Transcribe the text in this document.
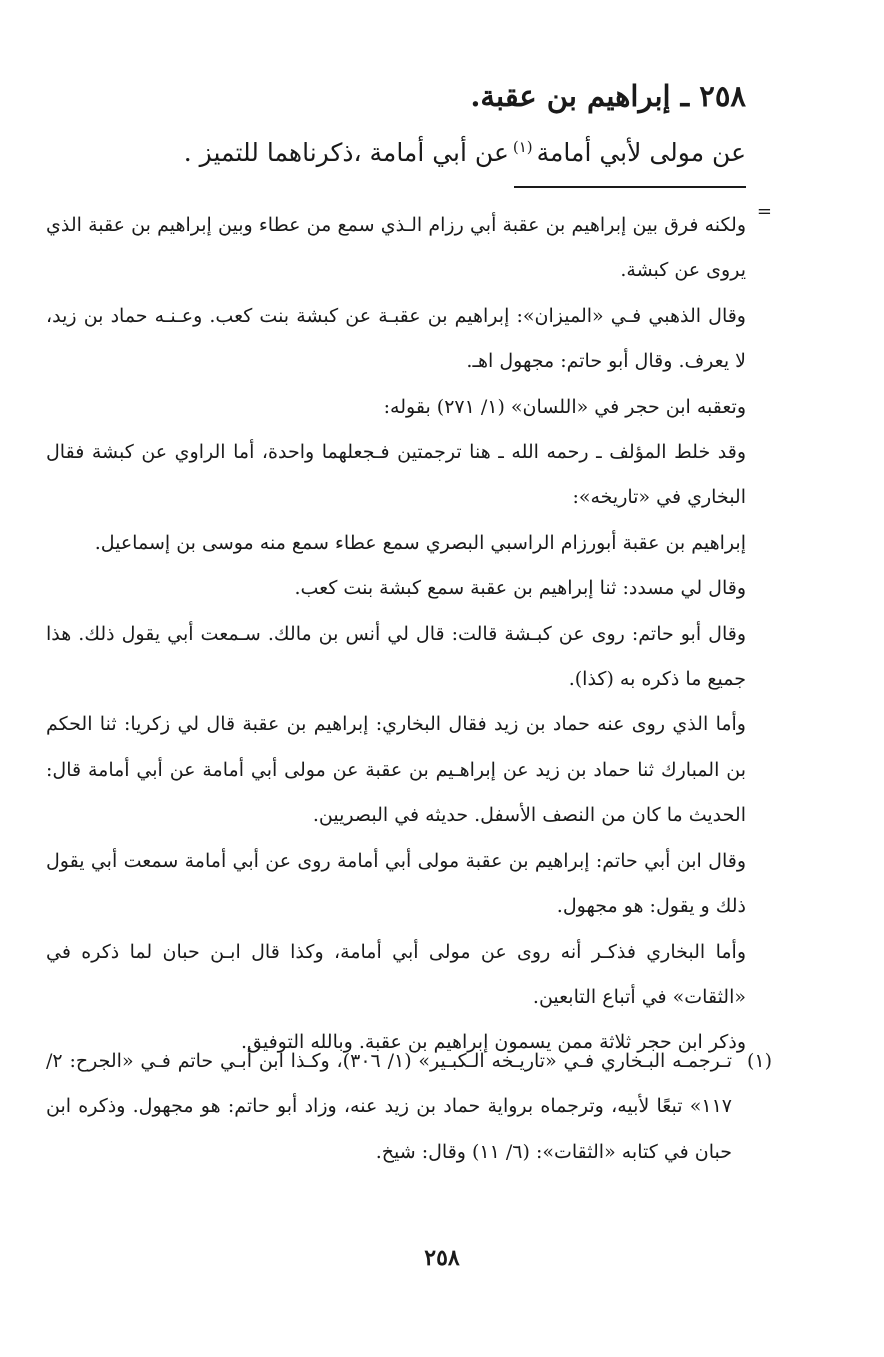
٢٥٨ ـ إبراهيم بن عقبة.

عن مولى لأبي أمامة$^{(١)}$عن أبي أمامة ،ذكرناهما للتميز .

=

ولكنه فرق بين إبراهيم بن عقبة أبي رزام الـذي سمع من عطاء وبين إبراهيم بن عقبة الذي يروى عن كبشة.

وقال الذهبي فـي «الميزان»: إبراهيم بن عقبـة عن كبشة بنت كعب. وعـنـه حماد بن زيد، لا يعرف. وقال أبو حاتم: مجهول اهـ.

وتعقبه ابن حجر في «اللسان» (١/ ٢٧١) بقوله:

وقد خلط المؤلف ـ رحمه الله ـ هنا ترجمتين فـجعلهما واحدة، أما الراوي عن كبشة فقال البخاري في «تاريخه»:

إبراهيم بن عقبة أبورزام الراسبي البصري سمع عطاء سمع منه موسى بن إسماعيل.

وقال لي مسدد: ثنا إبراهيم بن عقبة سمع كبشة بنت كعب.

وقال أبو حاتم: روى عن كبـشة قالت: قال لي أنس بن مالك. سـمعت أبي يقول ذلك. هذا جميع ما ذكره به (كذا).

وأما الذي روى عنه حماد بن زيد فقال البخاري: إبراهيم بن عقبة قال لي زكريا: ثنا الحكم بن المبارك ثنا حماد بن زيد عن إبراهـيم بن عقبة عن مولى أبي أمامة عن أبي أمامة قال: الحديث ما كان من النصف الأسفل. حديثه في البصريين.

وقال ابن أبي حاتم: إبراهيم بن عقبة مولى أبي أمامة روى عن أبي أمامة سمعت أبي يقول ذلك و يقول: هو مجهول.

وأما البخاري فذكـر أنه روى عن مولى أبي أمامة، وكذا قال ابـن حبان لما ذكره في «الثقات» في أتباع التابعين.

وذكر ابن حجر ثلاثة ممن يسمون إبراهيم بن عقبة. وبالله التوفيق.

(١)

تـرجمـه البـخاري فـي «تاريـخه الـكبـير» (١/ ٣٠٦)، وكـذا ابن أبـي حاتم فـي «الجرح: ٢/ ١١٧» تبعًا لأبيه، وترجماه برواية حماد بن زيد عنه، وزاد أبو حاتم: هو مجهول. وذكره ابن حبان في كتابه «الثقات»: (٦/ ١١) وقال: شيخ.

٢٥٨
